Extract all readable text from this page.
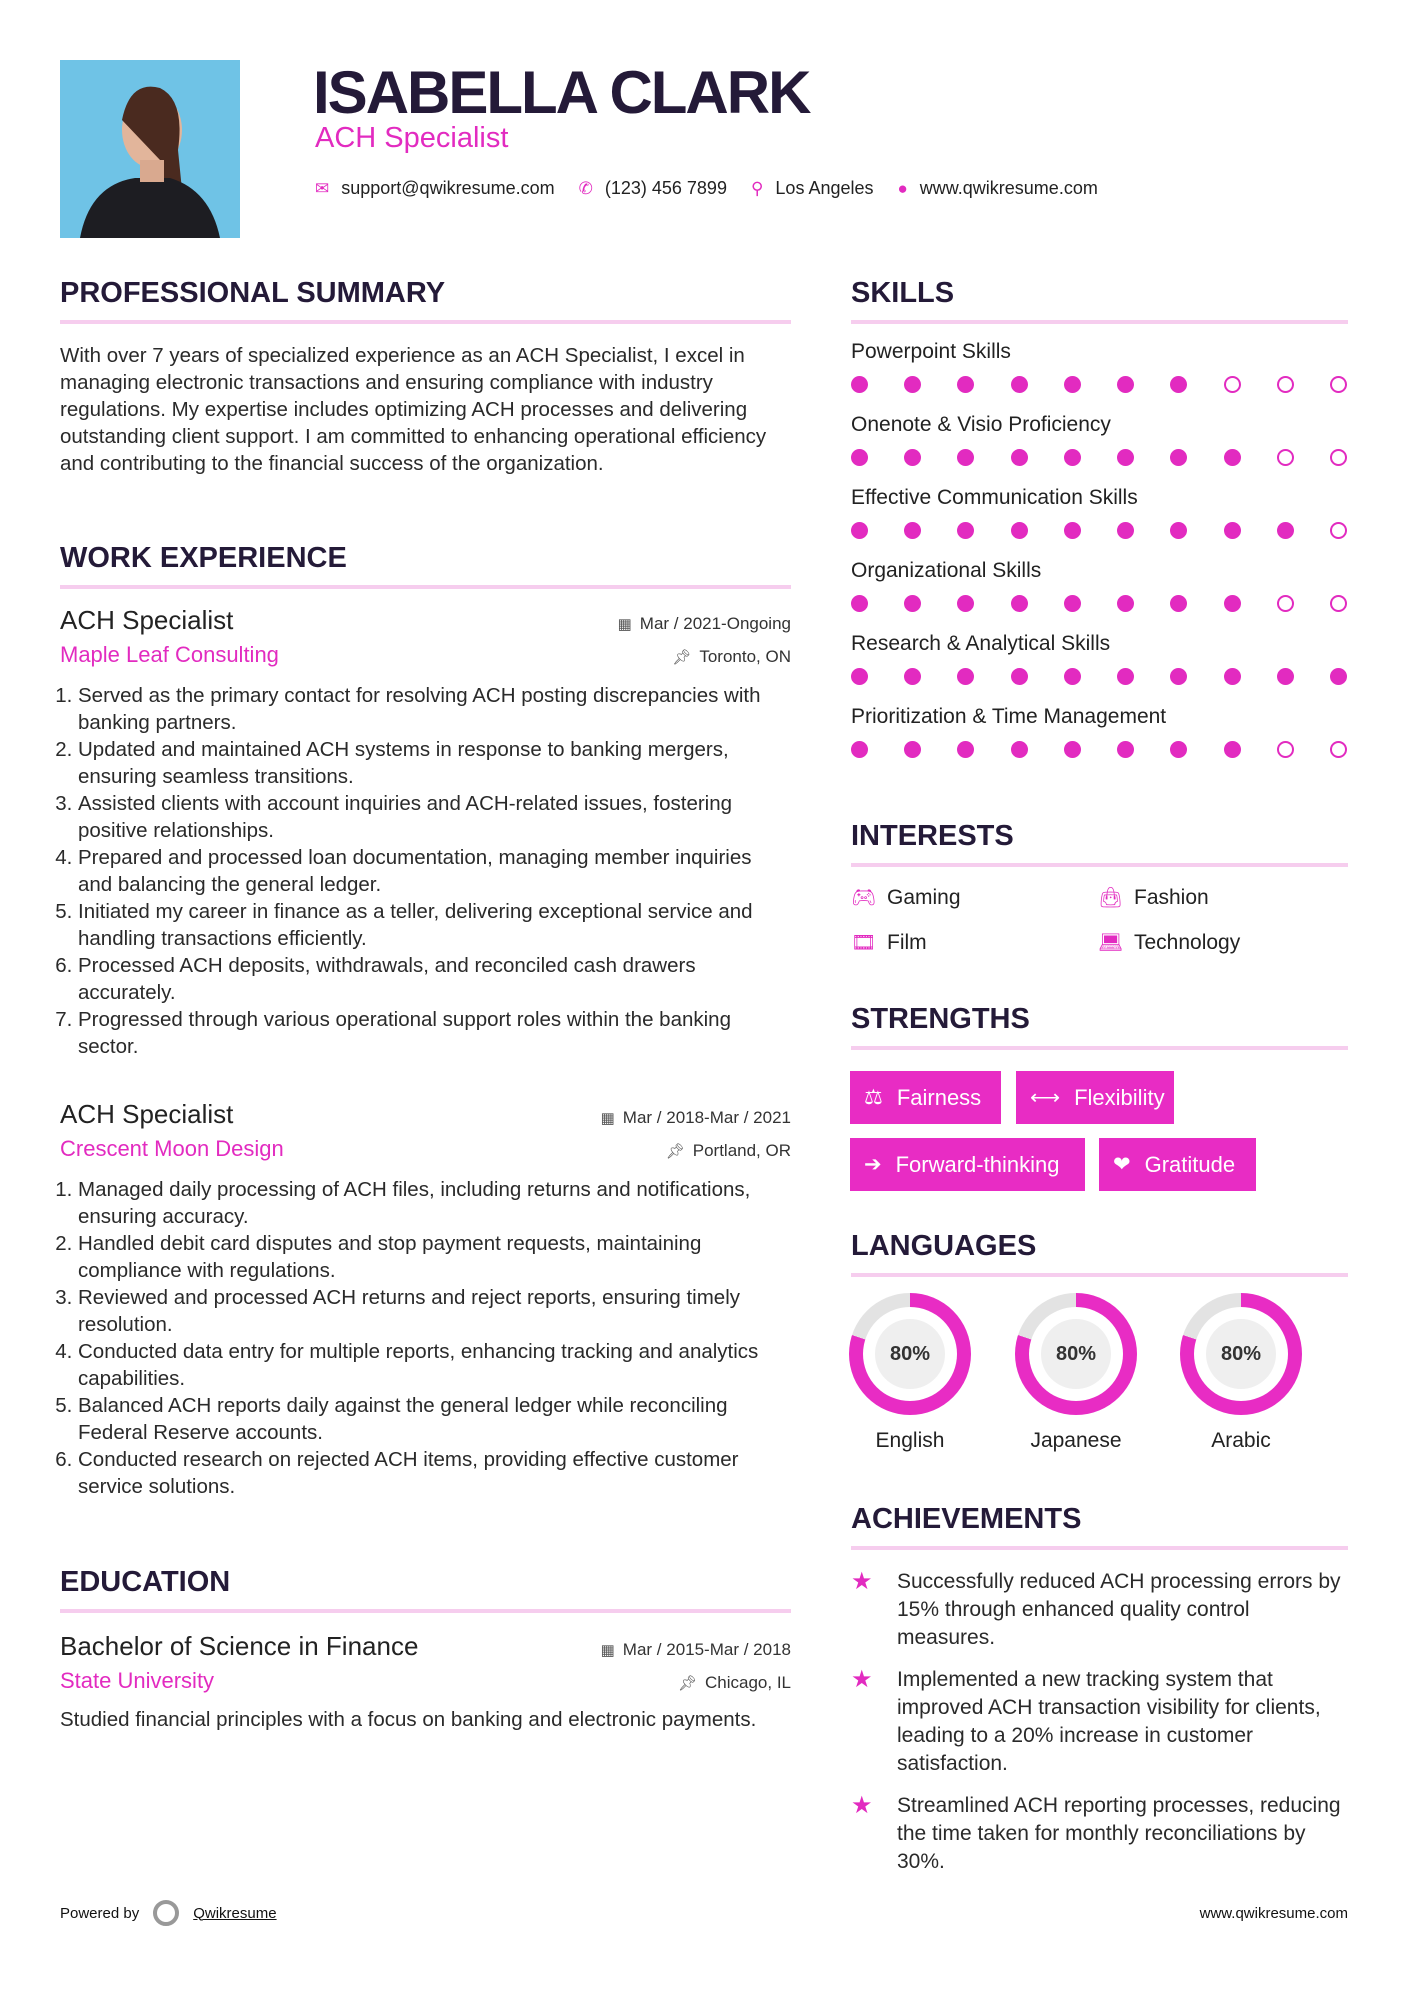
ISABELLA CLARK
ACH Specialist
✉ support@qwikresume.com ✆ (123) 456 7899 ⚲ Los Angeles ● www.qwikresume.com
PROFESSIONAL SUMMARY
With over 7 years of specialized experience as an ACH Specialist, I excel in managing electronic transactions and ensuring compliance with industry regulations. My expertise includes optimizing ACH processes and delivering outstanding client support. I am committed to enhancing operational efficiency and contributing to the financial success of the organization.
WORK EXPERIENCE
ACH Specialist	▦ Mar / 2021-Ongoing
Maple Leaf Consulting	📌︎ Toronto, ON
1. Served as the primary contact for resolving ACH posting discrepancies with banking partners.
2. Updated and maintained ACH systems in response to banking mergers, ensuring seamless transitions.
3. Assisted clients with account inquiries and ACH-related issues, fostering positive relationships.
4. Prepared and processed loan documentation, managing member inquiries and balancing the general ledger.
5. Initiated my career in finance as a teller, delivering exceptional service and handling transactions efficiently.
6. Processed ACH deposits, withdrawals, and reconciled cash drawers accurately.
7. Progressed through various operational support roles within the banking sector.
ACH Specialist	▦ Mar / 2018-Mar / 2021
Crescent Moon Design	📌︎ Portland, OR
1. Managed daily processing of ACH files, including returns and notifications, ensuring accuracy.
2. Handled debit card disputes and stop payment requests, maintaining compliance with regulations.
3. Reviewed and processed ACH returns and reject reports, ensuring timely resolution.
4. Conducted data entry for multiple reports, enhancing tracking and analytics capabilities.
5. Balanced ACH reports daily against the general ledger while reconciling Federal Reserve accounts.
6. Conducted research on rejected ACH items, providing effective customer service solutions.
EDUCATION
Bachelor of Science in Finance	▦ Mar / 2015-Mar / 2018
State University	📌︎ Chicago, IL
Studied financial principles with a focus on banking and electronic payments.
SKILLS
Powerpoint Skills
Onenote & Visio Proficiency
Effective Communication Skills
Organizational Skills
Research & Analytical Skills
Prioritization & Time Management
INTERESTS
🎮︎ Gaming	👜︎ Fashion
🎞︎ Film	💻︎ Technology
STRENGTHS
⚖ Fairness ⟷ Flexibility
➔ Forward-thinking	❤ Gratitude
LANGUAGES
80%	80%	80%
English	Japanese	Arabic
ACHIEVEMENTS
★	Successfully reduced ACH processing errors by 15% through enhanced quality control measures.
★	Implemented a new tracking system that improved ACH transaction visibility for clients, leading to a 20% increase in customer satisfaction.
★	Streamlined ACH reporting processes, reducing the time taken for monthly reconciliations by 30%.
Powered by	Qwikresume	www.qwikresume.com
